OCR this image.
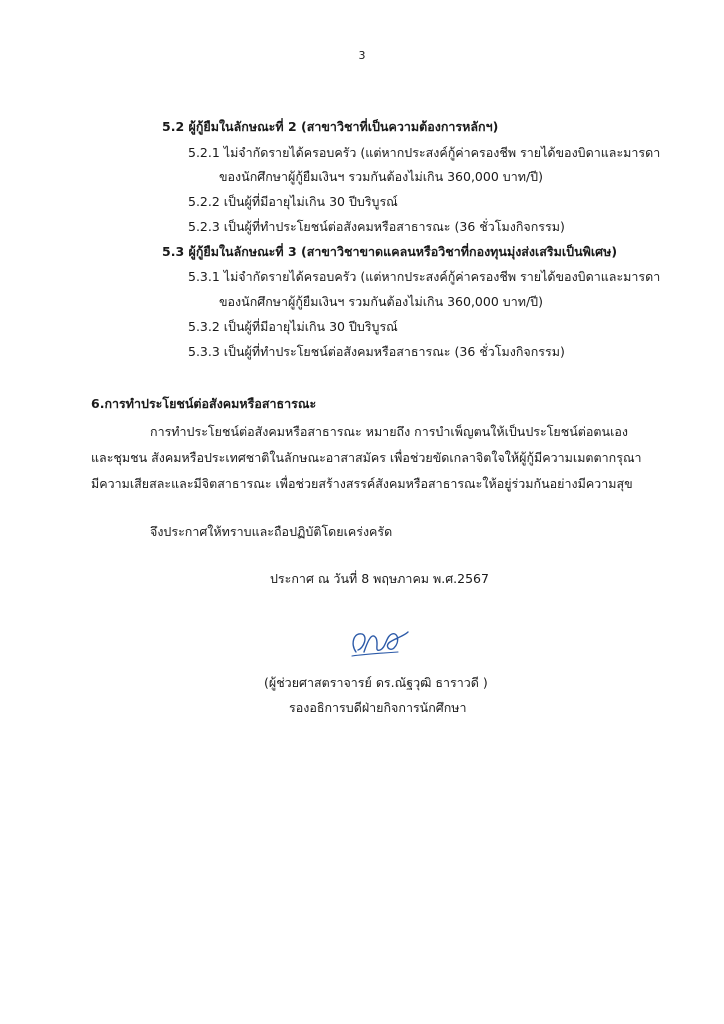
3
5.2 ผู้กู้ยืมในลักษณะที่ 2 (สาขาวิชาที่เป็นความต้องการหลักฯ)
5.2.1 ไม่จำกัดรายได้ครอบครัว (แต่หากประสงค์กู้ค่าครองชีพ รายได้ของบิดาและมารดา
ของนักศึกษาผู้กู้ยืมเงินฯ รวมกันต้องไม่เกิน 360,000 บาท/ปี)
5.2.2 เป็นผู้ที่มีอายุไม่เกิน 30 ปีบริบูรณ์
5.2.3 เป็นผู้ที่ทำประโยชน์ต่อสังคมหรือสาธารณะ (36 ชั่วโมงกิจกรรม)
5.3 ผู้กู้ยืมในลักษณะที่ 3 (สาขาวิชาขาดแคลนหรือวิชาที่กองทุนมุ่งส่งเสริมเป็นพิเศษ)
5.3.1 ไม่จำกัดรายได้ครอบครัว (แต่หากประสงค์กู้ค่าครองชีพ รายได้ของบิดาและมารดา
ของนักศึกษาผู้กู้ยืมเงินฯ รวมกันต้องไม่เกิน 360,000 บาท/ปี)
5.3.2 เป็นผู้ที่มีอายุไม่เกิน 30 ปีบริบูรณ์
5.3.3 เป็นผู้ที่ทำประโยชน์ต่อสังคมหรือสาธารณะ (36 ชั่วโมงกิจกรรม)
6.การทำประโยชน์ต่อสังคมหรือสาธารณะ
การทำประโยชน์ต่อสังคมหรือสาธารณะ หมายถึง การบำเพ็ญตนให้เป็นประโยชน์ต่อตนเอง
และชุมชน สังคมหรือประเทศชาติในลักษณะอาสาสมัคร เพื่อช่วยขัดเกลาจิตใจให้ผู้กู้มีความเมตตากรุณา
มีความเสียสละและมีจิตสาธารณะ เพื่อช่วยสร้างสรรค์สังคมหรือสาธารณะให้อยู่ร่วมกันอย่างมีความสุข
จึงประกาศให้ทราบและถือปฏิบัติโดยเคร่งครัด
ประกาศ ณ วันที่ 8 พฤษภาคม พ.ศ.2567
(ผู้ช่วยศาสตราจารย์ ดร.ณัฐวุฒิ ธาราวดี )
รองอธิการบดีฝ่ายกิจการนักศึกษา
